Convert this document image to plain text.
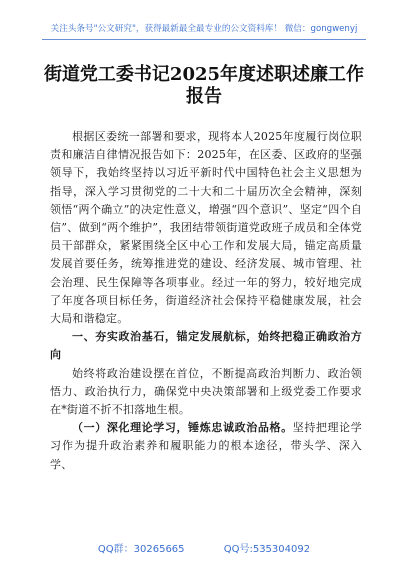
关注头条号"公文研究"，获得最新最全最专业的公文资料库！ 微信：gongwenyj
街道党工委书记2025年度述职述廉工作
报告

根据区委统一部署和要求，现将本人2025年度履行岗位职责和廉洁自律情况报告如下：2025年，在区委、区政府的坚强领导下，我始终坚持以习近平新时代中国特色社会主义思想为指导，深入学习贯彻党的二十大和二十届历次全会精神，深刻领悟“两个确立”的决定性意义，增强“四个意识”、坚定“四个自信”、做到“两个维护”，我团结带领街道党政班子成员和全体党员干部群众，紧紧围绕全区中心工作和发展大局，锚定高质量发展首要任务，统筹推进党的建设、经济发展、城市管理、社会治理、民生保障等各项事业。经过一年的努力，较好地完成了年度各项目标任务，街道经济社会保持平稳健康发展，社会大局和谐稳定。

一、夯实政治基石，锚定发展航标，始终把稳正确政治方向

始终将政治建设摆在首位，不断提高政治判断力、政治领悟力、政治执行力，确保党中央决策部署和上级党委工作要求在*街道不折不扣落地生根。

（一）深化理论学习，锤炼忠诚政治品格。坚持把理论学习作为提升政治素养和履职能力的根本途径，带头学、深入学、

QQ群：30265665	QQ号:535304092
